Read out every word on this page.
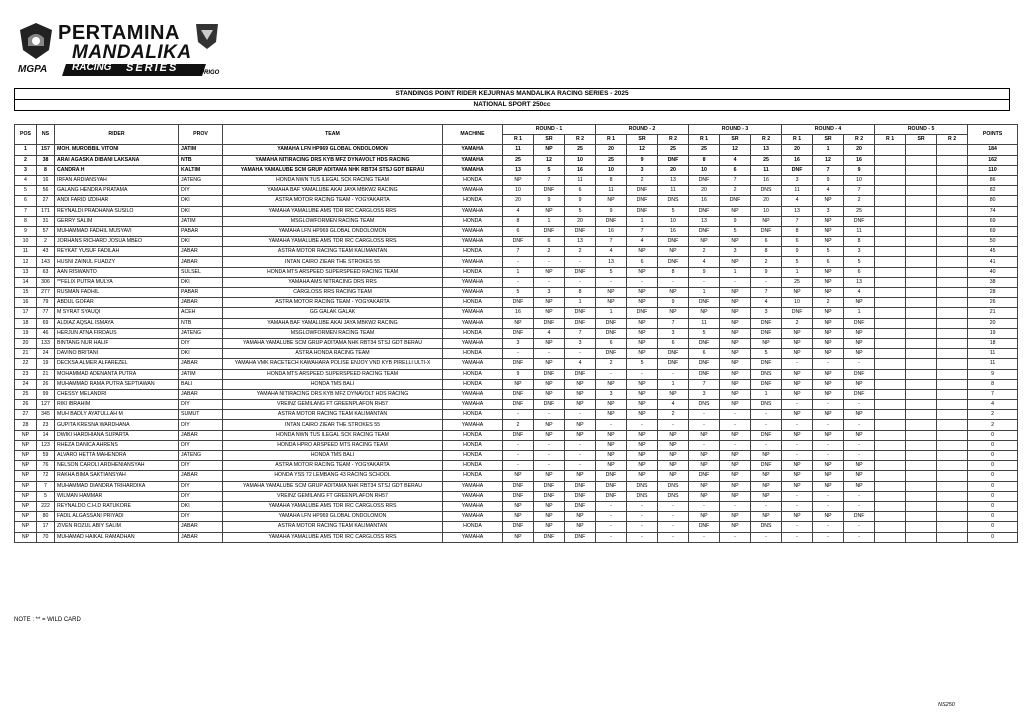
PERTAMINA
MANDALIKA
MGPA RACING SERIES	PRIGO
STANDINGS POINT RIDER KEJURNAS MANDALIKA RACING SERIES - 2025
NATIONAL SPORT 250cc
POS	NS	RIDER	PROV	TEAM	MACHINE	ROUND - 1			ROUND - 2			ROUND - 3			ROUND - 4			ROUND - 5			POINTS
						R 1	SR	R 2	R 1	SR	R 2	R 1	SR	R 2	R 1	SR	R 2	R 1	SR	R 2	
1	157	MOH. MUROBBIL VITONI	JATIM	YAMAHA LFN HP969 GLOBAL ONDOLOMON	YAMAHA	11	NP	25	20	12	25	25	12	13	20	1	20				184
2	38	ARAI AGASKA DIBANI LAKSANA	NTB	YAMAHA NITIRACING DRS KYB MFZ DYNAVOLT HDS RACING	YAMAHA	25	12	10	25	9	DNF	8	4	25	16	12	16				162
3	8	CANDRA H	KALTIM	YAMAHA YAMALUBE SCM GRUP ADITAMA NHK RBT34 STSJ GDT BERAU	YAMAHA	13	5	16	10	3	20	10	6	11	DNF	7	9				110
4	16	IRFAN ARDIANSYAH	JATENG	HONDA NWN TUS ILEGAL SCK RACING TEAM	HONDA	NP	7	11	8	2	13	DNF	7	16	3	9	10				86
5	56	GALANG HENDRA PRATAMA	DIY	YAMAHA BAF YAMALUBE AKAI JAYA MBKW2 RACING	YAMAHA	10	DNF	6	11	DNF	11	20	2	DNS	11	4	7				82
6	27	ANDI FARID IZDIHAR	DKI	ASTRA MOTOR RACING TEAM - YOGYAKARTA	HONDA	20	9	9	NP	DNF	DNS	16	DNF	20	4	NP	2				80
7	171	REYNALDI PRADHANA SUSILO	DKI	YAMAHA YAMALUBE AMS TDR IRC CARGLOSS RRS	YAMAHA	4	NP	5	9	DNF	5	DNF	NP	10	13	3	25				74
8	31	GERRY SALIM	JATIM	MSGLOWFORMEN RACING TEAM	HONDA	8	1	20	DNF	1	10	13	9	NP	7	NP	DNF				69
9	57	MUHAMMAD FADHIL MUSYAVI	PABAR	YAMAHA LFN HP969 GLOBAL ONDOLOMON	YAMAHA	6	DNF	DNF	16	7	16	DNF	5	DNF	8	NP	11				69
10	2	JORHANS RICHARD JOSUA MBEO	DKI	YAMAHA YAMALUBE AMS TDR IRC CARGLOSS RRS	YAMAHA	DNF	6	13	7	4	DNF	NP	NP	6	6	NP	8				50
11	43	REYKAT YUSUF FADILAH	JABAR	ASTRA MOTOR RACING TEAM KALIMANTAN	HONDA	7	2	2	4	NP	NP	2	3	8	9	5	3				45
12	143	HUSNI ZAINUL FUADZY	JABAR	INTAN CAIRO ZIEAR THE STROKES 55	YAMAHA	-	-	-	13	6	DNF	4	NP	2	5	6	5				41
13	63	AAN RISWANTO	SULSEL	HONDA MTS ARSPEED SUPERSPEED RACING TEAM	HONDA	1	NP	DNF	5	NP	8	9	1	9	1	NP	6				40
14	306	**FELIX PUTRA MULYA	DKI	YAMAHA AMS NITRACING DRS RRS	YAMAHA	-	-	-	-	-	-	-	-	-	25	NP	13				38
15	277	RUSMAN FADHIL	PABAR	CARGLOSS RRS RACING TEAM	YAMAHA	5	3	8	NP	NP	NP	1	NP	7	NP	NP	4				28
16	79	ABDUL GOFAR	JABAR	ASTRA MOTOR RACING TEAM - YOGYAKARTA	HONDA	DNF	NP	1	NP	NP	9	DNF	NP	4	10	2	NP				26
17	77	M SYRAT SYAUQI	ACEH	GG GALAK GALAK	YAMAHA	16	NP	DNF	1	DNF	NP	NP	NP	3	DNF	NP	1				21
18	69	ALDIAZ AQSAL ISMAYA	NTB	YAMAHA BAF YAMALUBE AKAI JAYA MBKW2 RACING	YAMAHA	NP	DNF	DNF	DNF	NP	7	11	NP	DNF	2	NP	DNF				20
19	46	HERJUN ATNA FIRDAUS	JATENG	MSGLOWFORMEN RACING TEAM	HONDA	DNF	4	7	DNF	NP	3	5	NP	DNF	NP	NP	NP				19
20	133	BINTANG NUR HALIF	DIY	YAMAHA YAMALUBE SCM GRUP ADITAMA NHK RBT34 STSJ GDT BERAU	YAMAHA	3	NP	3	6	NP	6	DNF	NP	NP	NP	NP	NP				18
21	24	DAVINO BRITANI	DKI	ASTRA HONDA RACING TEAM	HONDA	-	-	-	DNF	NP	DNF	6	NP	5	NP	NP	NP				11
22	19	DECKSA ALMER ALFAREZEL	JABAR	YAMAHA VMK RACETECH KAWAHARA POLISE ENJOY VND KYB PIRELLI ULTI-X	YAMAHA	DNF	NP	4	2	5	DNF	DNF	NP	DNF	-	-	-				11
23	21	MOHAMMAD ADENANTA PUTRA	JATIM	HONDA MTS ARSPEED SUPERSPEED RACING TEAM	HONDA	9	DNF	DNF	-	-	-	DNF	NP	DNS	NP	NP	DNF				9
24	26	MUHAMMAD RAMA PUTRA SEPTIAWAN	BALI	HONDA TMS BALI	HONDA	NP	NP	NP	NP	NP	1	7	NP	DNF	NP	NP	NP				8
25	99	CHESSY MELANDRI	JABAR	YAMAHA NITIRACING DRS KYB MFZ DYNAVOLT HDS RACING	YAMAHA	DNF	NP	NP	3	NP	NP	3	NP	1	NP	NP	DNF				7
26	127	RIKI IBRAHIM	DIY	VREINZ GEMILANG FT GREENPLAFON RH57	YAMAHA	DNF	DNF	NP	NP	NP	4	DNS	NP	DNS	-	-	-				4
27	345	MUH BADLY AYATULLAH M	SUMUT	ASTRA MOTOR RACING TEAM KALIMANTAN	HONDA	-	-	-	NP	NP	2	-	-	-	NP	NP	NP				2
28	23	GUPITA KRESNA WARDHANA	DIY	INTAN CAIRO ZIEAR THE STROKES 55	YAMAHA	2	NP	NP	-	-	-	-	-	-	-	-	-				2
NP	14	DWIKI HARDHIANA SUPARTA	JABAR	HONDA NWN TUS ILEGAL SCK RACING TEAM	HONDA	DNF	NP	NP	NP	NP	NP	NP	NP	DNF	NP	NP	NP				0
NP	123	RHEZA DANICA AHRENS	DIY	HONDA HPRO ARSPEED MTS RACING TEAM	HONDA	-	-	-	NP	NP	NP	-	-	-	-	-	-				0
NP	59	ALVARO HETTA MAHENDRA	JATENG	HONDA TMS BALI	HONDA	-	-	-	NP	NP	NP	NP	NP	NP	-	-	-				0
NP	76	NELSON CAROLI ARDHENIANSYAH	DIY	ASTRA MOTOR RACING TEAM - YOGYAKARTA	HONDA	-	-	-	NP	NP	NP	NP	NP	DNF	NP	NP	NP				0
NP	72	RAKHA BIMA SAKTIANSYAH	JABAR	HONDA YSS 72 LEMBANG 43 RACING SCHOOL	HONDA	NP	NP	NP	DNF	NP	NP	DNF	NP	NP	NP	NP	NP				0
NP	7	MUHAMMAD DIANDRA TRIHARDIKA	DIY	YAMAHA YAMALUBE SCM GRUP ADITAMA NHK RBT34 STSJ GDT BERAU	YAMAHA	DNF	DNF	DNF	DNF	DNS	DNS	NP	NP	NP	NP	NP	NP				0
NP	5	WILMAN HAMMAR	DIY	VREINZ GEMILANG FT GREENPLAFON RH57	YAMAHA	DNF	DNF	DNF	DNF	DNS	DNS	NP	NP	NP	-	-	-				0
NP	222	REYNALDO C.H.D RATUKORE	DKI	YAMAHA YAMALUBE AMS TDR IRC CARGLOSS RRS	YAMAHA	NP	NP	DNF	-	-	-	-	-	-	-	-	-				0
NP	80	FADIL ALGASSANI PRIYADI	DIY	YAMAHA LFN HP969 GLOBAL ONDOLOMON	YAMAHA	NP	NP	NP	-	-	-	NP	NP	NP	NP	NP	DNF				0
NP	17	ZIVEN ROZUL ABIY SALIM	JABAR	ASTRA MOTOR RACING TEAM KALIMANTAN	HONDA	DNF	NP	NP	-	-	-	DNF	NP	DNS	-	-	-				0
NP	70	MUHAMAD HAIKAL RAMADHAN	JABAR	YAMAHA YAMALUBE AMS TDR IRC CARGLOSS RRS	YAMAHA	NP	DNF	DNF	-	-	-	-	-	-	-	-	-				0
NOTE : ** = WILD CARD
NS250
